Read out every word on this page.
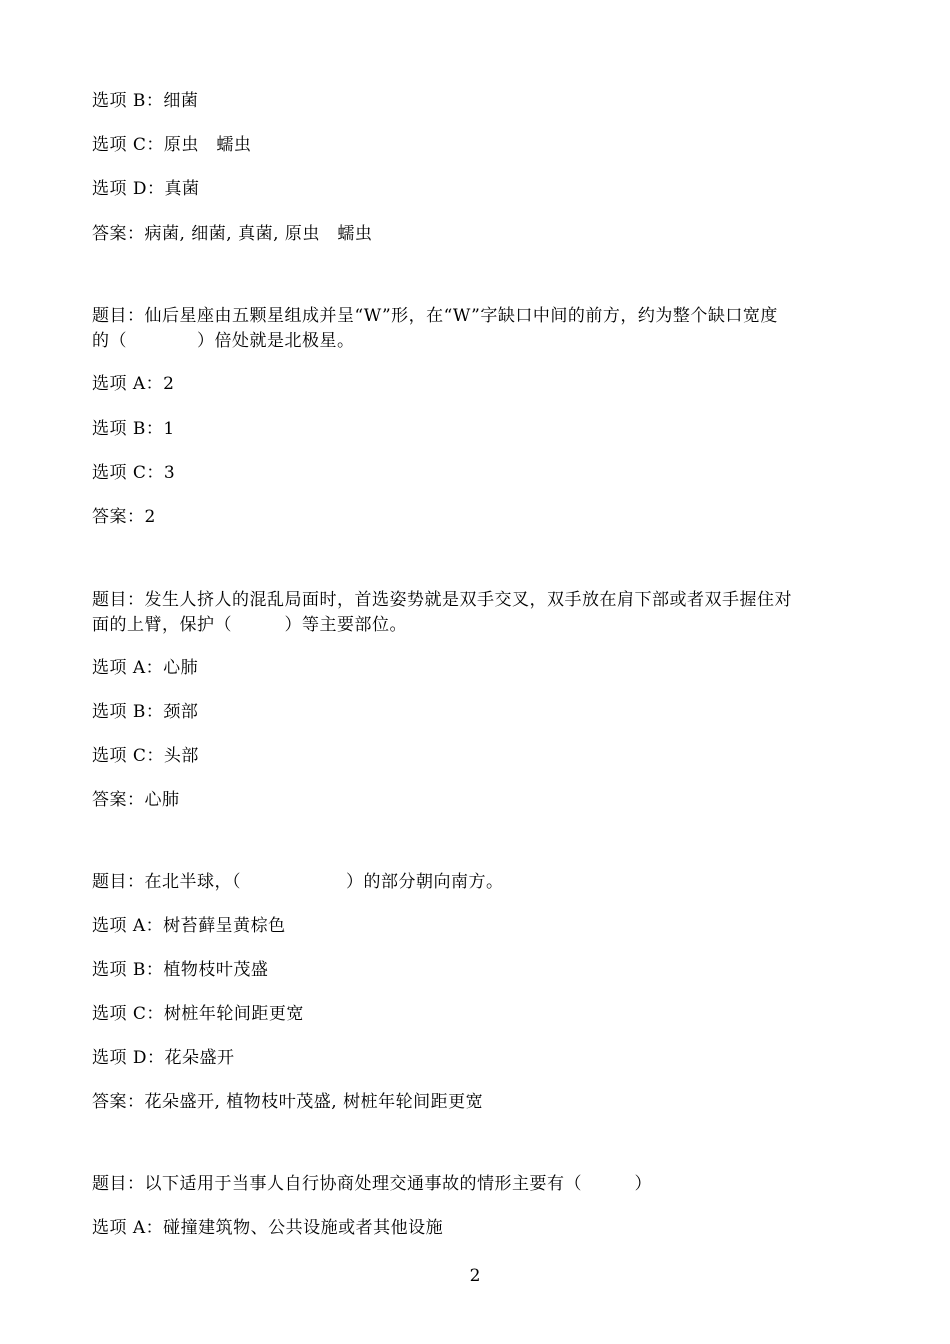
选项 B：细菌
选项 C：原虫　蠕虫
选项 D：真菌
答案：病菌, 细菌, 真菌, 原虫　蠕虫
题目：仙后星座由五颗星组成并呈“W”形，在“W”字缺口中间的前方，约为整个缺口宽度
的（　　　　）倍处就是北极星。
选项 A：2
选项 B：1
选项 C：3
答案：2
题目：发生人挤人的混乱局面时，首选姿势就是双手交叉，双手放在肩下部或者双手握住对
面的上臂，保护（　　　）等主要部位。
选项 A：心肺
选项 B：颈部
选项 C：头部
答案：心肺
题目：在北半球，（　　　　　　）的部分朝向南方。
选项 A：树苔藓呈黄棕色
选项 B：植物枝叶茂盛
选项 C：树桩年轮间距更宽
选项 D：花朵盛开
答案：花朵盛开, 植物枝叶茂盛, 树桩年轮间距更宽
题目：以下适用于当事人自行协商处理交通事故的情形主要有（　　　）
选项 A：碰撞建筑物、公共设施或者其他设施
2
